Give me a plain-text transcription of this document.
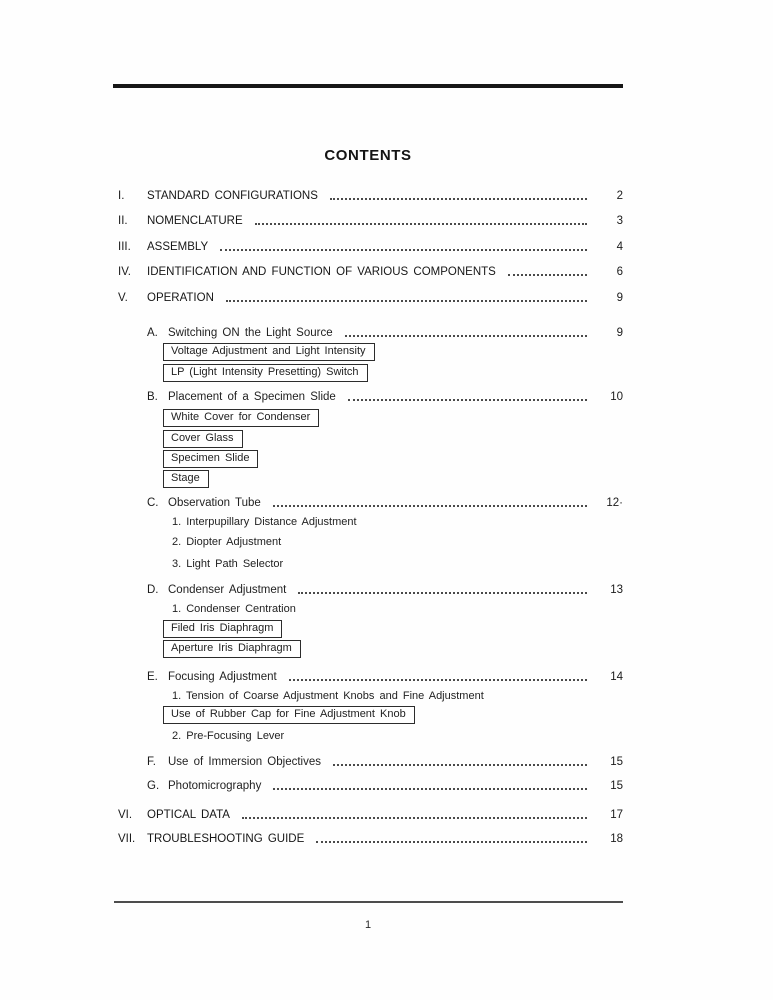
CONTENTS
I.	STANDARD CONFIGURATIONS	2
II.	NOMENCLATURE	3
III.	ASSEMBLY	4
IV.	IDENTIFICATION AND FUNCTION OF VARIOUS COMPONENTS	6
V.	OPERATION	9
A. Switching ON the Light Source	9
Voltage Adjustment and Light Intensity
LP (Light Intensity Presetting) Switch
B. Placement of a Specimen Slide	10
White Cover for Condenser
Cover Glass
Specimen Slide
Stage
C. Observation Tube	12·
1. Interpupillary Distance Adjustment
2. Diopter Adjustment
3. Light Path Selector
D. Condenser Adjustment	13
1. Condenser Centration
Filed Iris Diaphragm
Aperture Iris Diaphragm
E. Focusing Adjustment	14
1. Tension of Coarse Adjustment Knobs and Fine Adjustment
Use of Rubber Cap for Fine Adjustment Knob
2. Pre-Focusing Lever
F.	Use of Immersion Objectives	15
G. Photomicrography	15
VI.	OPTICAL DATA	17
VII.	TROUBLESHOOTING GUIDE	18
1
